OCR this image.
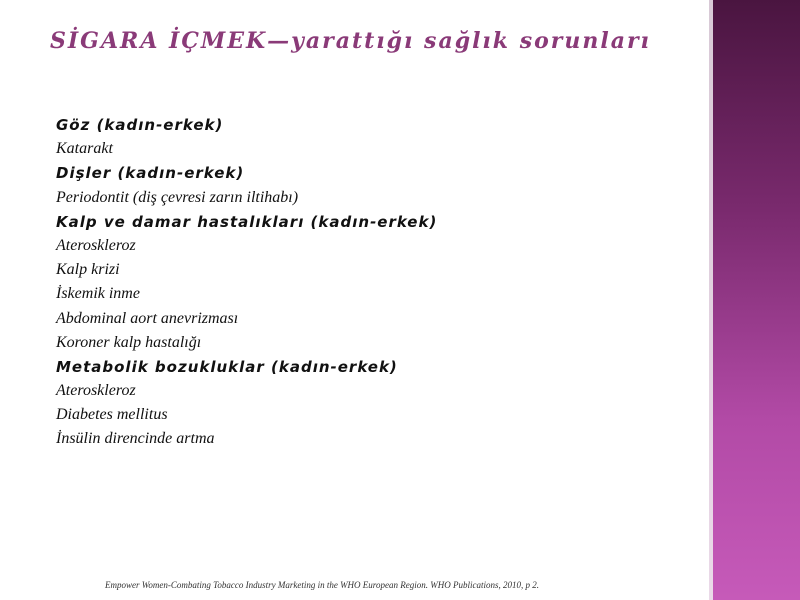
SİGARA İÇMEK—yarattığı sağlık sorunları
Göz (kadın-erkek)
Katarakt
Dişler (kadın-erkek)
Periodontit (diş çevresi zarın iltihabı)
Kalp ve damar hastalıkları (kadın-erkek)
Ateroskleroz
Kalp krizi
İskemik inme
Abdominal aort anevrizması
Koroner kalp hastalığı
Metabolik bozukluklar (kadın-erkek)
Ateroskleroz
Diabetes mellitus
İnsülin direncinde artma
Empower Women-Combating Tobacco Industry Marketing in the WHO European Region. WHO Publications, 2010, p 2.
